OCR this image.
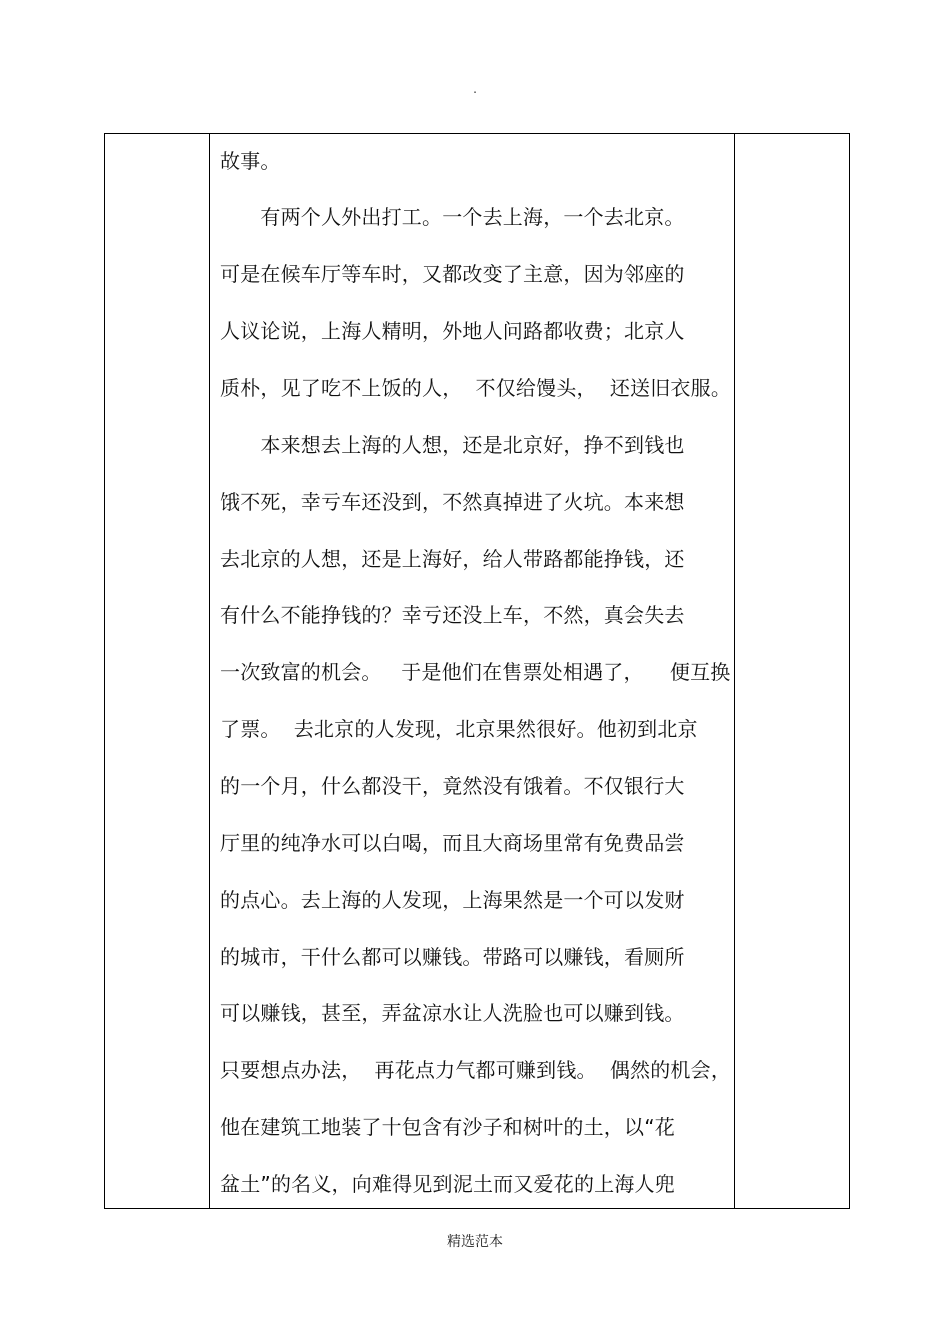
.
故事。
　　有两个人外出打工。一个去上海，一个去北京。
可是在候车厅等车时，又都改变了主意，因为邻座的
人议论说，上海人精明，外地人问路都收费；北京人
质朴，见了吃不上饭的人，  不仅给馒头，  还送旧衣服。
　　本来想去上海的人想，还是北京好，挣不到钱也
饿不死，幸亏车还没到，不然真掉进了火坑。本来想
去北京的人想，还是上海好，给人带路都能挣钱，还
有什么不能挣钱的？幸亏还没上车，不然，真会失去
一次致富的机会。   于是他们在售票处相遇了，    便互换
了票。  去北京的人发现，北京果然很好。他初到北京
的一个月，什么都没干，竟然没有饿着。不仅银行大
厅里的纯净水可以白喝，而且大商场里常有免费品尝
的点心。去上海的人发现，上海果然是一个可以发财
的城市，干什么都可以赚钱。带路可以赚钱，看厕所
可以赚钱，甚至，弄盆凉水让人洗脸也可以赚到钱。
只要想点办法，  再花点力气都可赚到钱。  偶然的机会，
他在建筑工地装了十包含有沙子和树叶的土，以“花
盆土”的名义，向难得见到泥土而又爱花的上海人兜
精选范本
